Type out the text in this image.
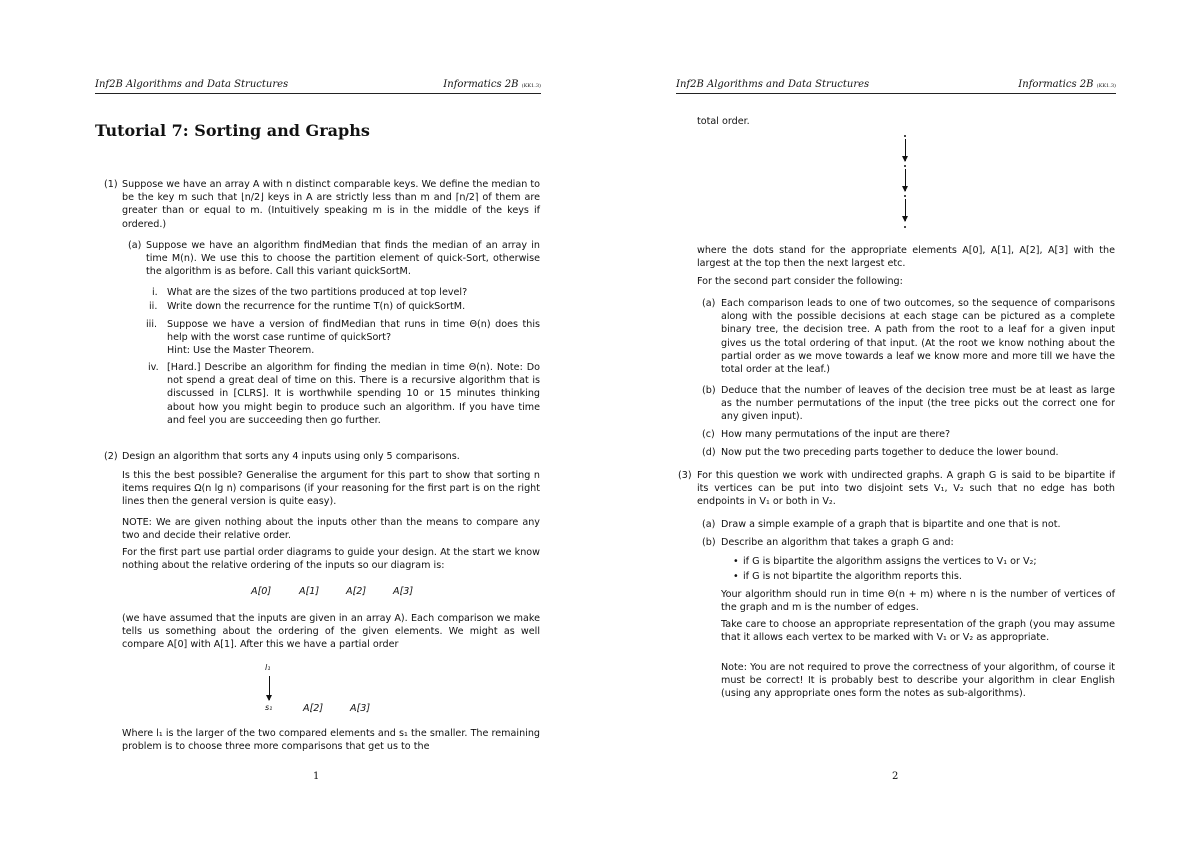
Inf2B Algorithms and Data Structures	Informatics 2B (KK1.3)
Tutorial 7: Sorting and Graphs
(1) Suppose we have an array A with n distinct comparable keys. We define the median to be the key m such that ⌊n/2⌋ keys in A are strictly less than m and ⌈n/2⌉ of them are greater than or equal to m. (Intuitively speaking m is in the middle of the keys if ordered.)
(a) Suppose we have an algorithm findMedian that finds the median of an array in time M(n). We use this to choose the partition element of quick-Sort, otherwise the algorithm is as before. Call this variant quickSortM.
i. What are the sizes of the two partitions produced at top level?
ii. Write down the recurrence for the runtime T(n) of quickSortM.
iii. Suppose we have a version of findMedian that runs in time Θ(n) does this help with the worst case runtime of quickSort?
Hint: Use the Master Theorem.
iv. [Hard.] Describe an algorithm for finding the median in time Θ(n). Note: Do not spend a great deal of time on this. There is a recursive algorithm that is discussed in [CLRS]. It is worthwhile spending 10 or 15 minutes thinking about how you might begin to produce such an algorithm. If you have time and feel you are succeeding then go further.
(2) Design an algorithm that sorts any 4 inputs using only 5 comparisons.
Is this the best possible? Generalise the argument for this part to show that sorting n items requires Ω(n lg n) comparisons (if your reasoning for the first part is on the right lines then the general version is quite easy).
NOTE: We are given nothing about the inputs other than the means to compare any two and decide their relative order.
For the first part use partial order diagrams to guide your design. At the start we know nothing about the relative ordering of the inputs so our diagram is:
A[0]	A[1]	A[2]	A[3]
(we have assumed that the inputs are given in an array A). Each comparison we make tells us something about the ordering of the given elements. We might as well compare A[0] with A[1]. After this we have a partial order
l₁
s₁	A[2]	A[3]
Where l₁ is the larger of the two compared elements and s₁ the smaller. The remaining problem is to choose three more comparisons that get us to the
1
Inf2B Algorithms and Data Structures	Informatics 2B (KK1.3)
total order.
where the dots stand for the appropriate elements A[0], A[1], A[2], A[3] with the largest at the top then the next largest etc.
For the second part consider the following:
(a) Each comparison leads to one of two outcomes, so the sequence of comparisons along with the possible decisions at each stage can be pictured as a complete binary tree, the decision tree. A path from the root to a leaf for a given input gives us the total ordering of that input. (At the root we know nothing about the partial order as we move towards a leaf we know more and more till we have the total order at the leaf.)
(b) Deduce that the number of leaves of the decision tree must be at least as large as the number permutations of the input (the tree picks out the correct one for any given input).
(c) How many permutations of the input are there?
(d) Now put the two preceding parts together to deduce the lower bound.
(3) For this question we work with undirected graphs. A graph G is said to be bipartite if its vertices can be put into two disjoint sets V₁, V₂ such that no edge has both endpoints in V₁ or both in V₂.
(a) Draw a simple example of a graph that is bipartite and one that is not.
(b) Describe an algorithm that takes a graph G and:
• if G is bipartite the algorithm assigns the vertices to V₁ or V₂;
• if G is not bipartite the algorithm reports this.
Your algorithm should run in time Θ(n + m) where n is the number of vertices of the graph and m is the number of edges.
Take care to choose an appropriate representation of the graph (you may assume that it allows each vertex to be marked with V₁ or V₂ as appropriate.
Note: You are not required to prove the correctness of your algorithm, of course it must be correct! It is probably best to describe your algorithm in clear English (using any appropriate ones form the notes as sub-algorithms).
2
